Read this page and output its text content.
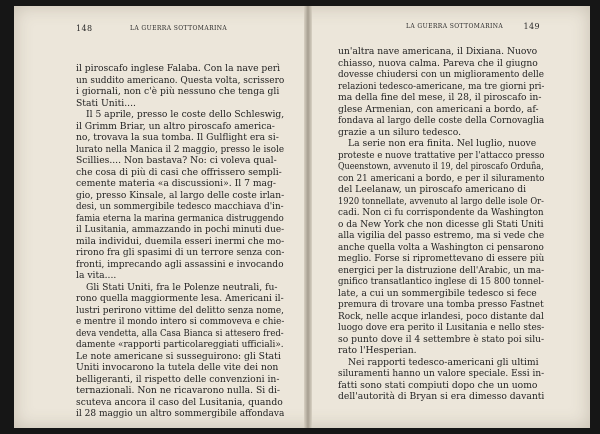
148	LA GUERRA SOTTOMARINA
il piroscafo inglese Falaba. Con la nave perì
un suddito americano. Questa volta, scrissero
i giornali, non c'è più nessuno che tenga gli
Stati Uniti....
Il 5 aprile, presso le coste dello Schleswig,
il Grimm Briar, un altro piroscafo america-
no, trovava la sua tomba. Il Gulflight era si-
lurato nella Manica il 2 maggio, presso le isole
Scillies.... Non bastava? No: ci voleva qual-
che cosa di più di casi che offrissero sempli-
cemente materia «a discussioni». Il 7 mag-
gio, presso Kinsale, al largo delle coste irlan-
desi, un sommergibile tedesco macchiava d'in-
famia eterna la marina germanica distruggendo
il Lusitania, ammazzando in pochi minuti due-
mila individui, duemila esseri inermi che mo-
rirono fra gli spasimi di un terrore senza con-
fronti, imprecando agli assassini e invocando
la vita....
Gli Stati Uniti, fra le Polenze neutrali, fu-
rono quella maggiormente lesa. Americani il-
lustri perirono vittime del delitto senza nome,
e mentre il mondo intero si commoveva e chie-
deva vendetta, alla Casa Bianca si attesero fred-
damente «rapporti particolareggiati ufficiali».
Le note americane si susseguirono: gli Stati
Uniti invocarono la tutela delle vite dei non
belligeranti, il rispetto delle convenzioni in-
ternazionali. Non ne ricavarono nulla. Si di-
scuteva ancora il caso del Lusitania, quando
il 28 maggio un altro sommergibile affondava
LA GUERRA SOTTOMARINA	149
un'altra nave americana, il Dixiana. Nuovo
chiasso, nuova calma. Pareva che il giugno
dovesse chiudersi con un miglioramento delle
relazioni tedesco-americane, ma tre giorni pri-
ma della fine del mese, il 28, il piroscafo in-
glese Armenian, con americani a bordo, af-
fondava al largo delle coste della Cornovaglia
grazie a un siluro tedesco.
La serie non era finita. Nel luglio, nuove
proteste e nuove trattative per l'attacco presso
Queenstown, avvenuto il 19, del piroscafo Orduña,
con 21 americani a bordo, e per il siluramento
del Leelanaw, un piroscafo americano di
1920 tonnellate, avvenuto al largo delle isole Or-
cadi. Non ci fu corrispondente da Washington
o da New York che non dicesse gli Stati Uniti
alla vigilia del passo estremo, ma si vede che
anche quella volta a Washington ci pensarono
meglio. Forse si ripromettevano di essere più
energici per la distruzione dell'Arabic, un ma-
gnifico transatlantico inglese di 15 800 tonnel-
late, a cui un sommergibile tedesco si fece
premura di trovare una tomba presso Fastnet
Rock, nelle acque irlandesi, poco distante dal
luogo dove era perito il Lusitania e nello stes-
so punto dove il 4 settembre è stato poi silu-
rato l'Hesperian.
Nei rapporti tedesco-americani gli ultimi
siluramenti hanno un valore speciale. Essi in-
fatti sono stati compiuti dopo che un uomo
dell'autorità di Bryan si era dimesso davanti
